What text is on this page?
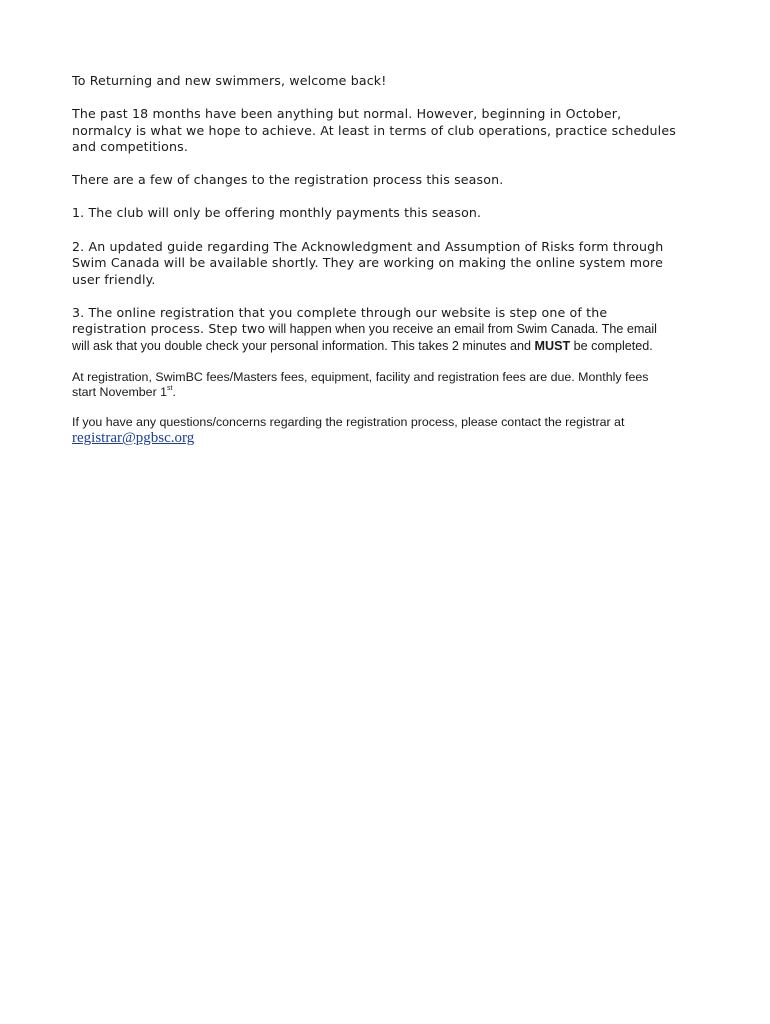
To Returning and new swimmers, welcome back!

The past 18 months have been anything but normal. However, beginning in October,
normalcy is what we hope to achieve. At least in terms of club operations, practice schedules
and competitions.

There are a few of changes to the registration process this season.

1. The club will only be offering monthly payments this season.

2. An updated guide regarding The Acknowledgment and Assumption of Risks form through
Swim Canada will be available shortly. They are working on making the online system more
user friendly.

3. The online registration that you complete through our website is step one of the
registration process. Step two will happen when you receive an email from Swim Canada. The email
will ask that you double check your personal information. This takes 2 minutes and MUST be completed.

At registration, SwimBC fees/Masters fees, equipment, facility and registration fees are due. Monthly fees
start November 1st.

If you have any questions/concerns regarding the registration process, please contact the registrar at
registrar@pgbsc.org
